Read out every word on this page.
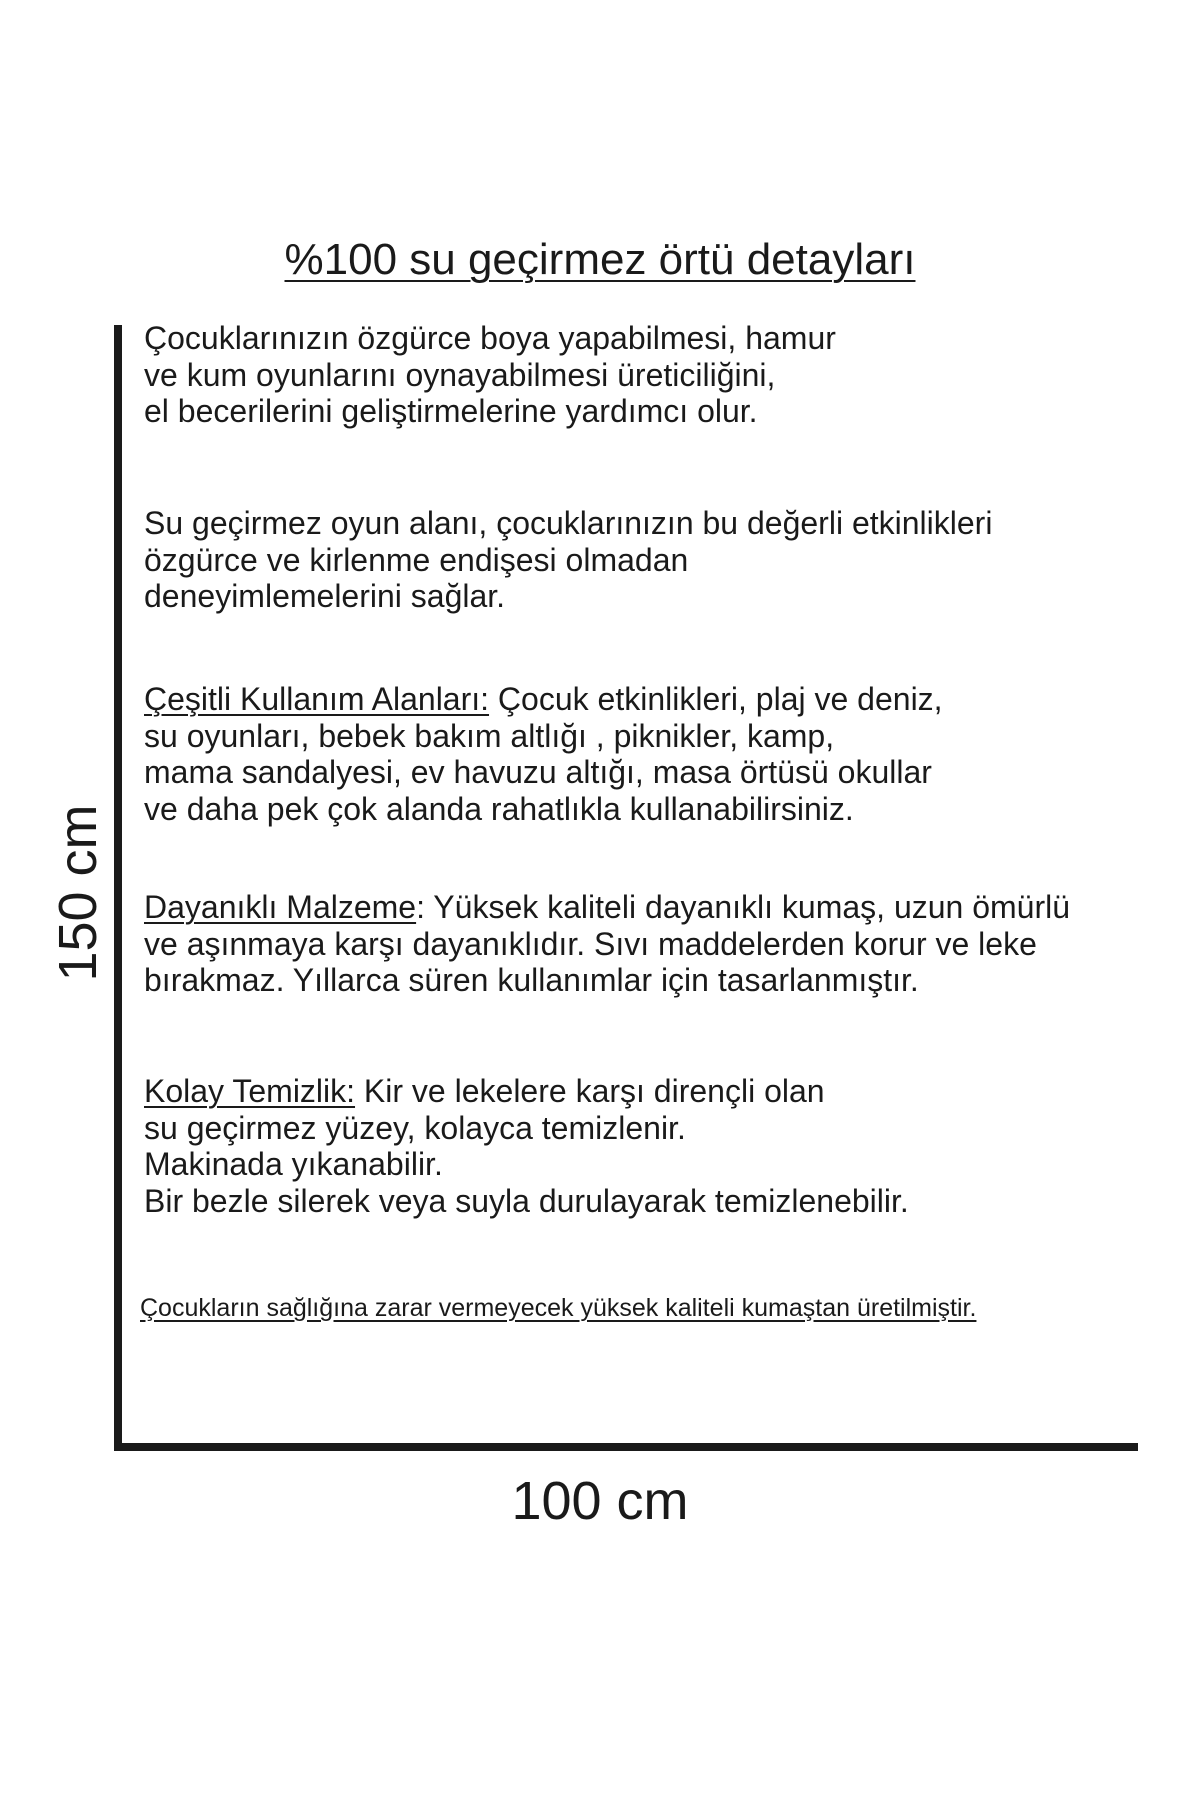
%100 su geçirmez örtü detayları
150 cm
100 cm
Çocuklarınızın özgürce boya yapabilmesi, hamur
ve kum oyunlarını oynayabilmesi üreticiliğini,
el becerilerini geliştirmelerine yardımcı olur.
Su geçirmez oyun alanı, çocuklarınızın bu değerli etkinlikleri
özgürce ve kirlenme endişesi olmadan
deneyimlemelerini sağlar.
Çeşitli Kullanım Alanları: Çocuk etkinlikleri, plaj ve deniz,
su oyunları, bebek bakım altlığı , piknikler, kamp,
mama sandalyesi, ev havuzu altığı, masa örtüsü okullar
ve daha pek çok alanda rahatlıkla kullanabilirsiniz.
Dayanıklı Malzeme: Yüksek kaliteli dayanıklı kumaş, uzun ömürlü
ve aşınmaya karşı dayanıklıdır. Sıvı maddelerden korur ve leke
bırakmaz. Yıllarca süren kullanımlar için tasarlanmıştır.
Kolay Temizlik: Kir ve lekelere karşı dirençli olan
su geçirmez yüzey, kolayca temizlenir.
Makinada yıkanabilir.
Bir bezle silerek veya suyla durulayarak temizlenebilir.
Çocukların sağlığına zarar vermeyecek yüksek kaliteli kumaştan üretilmiştir.
